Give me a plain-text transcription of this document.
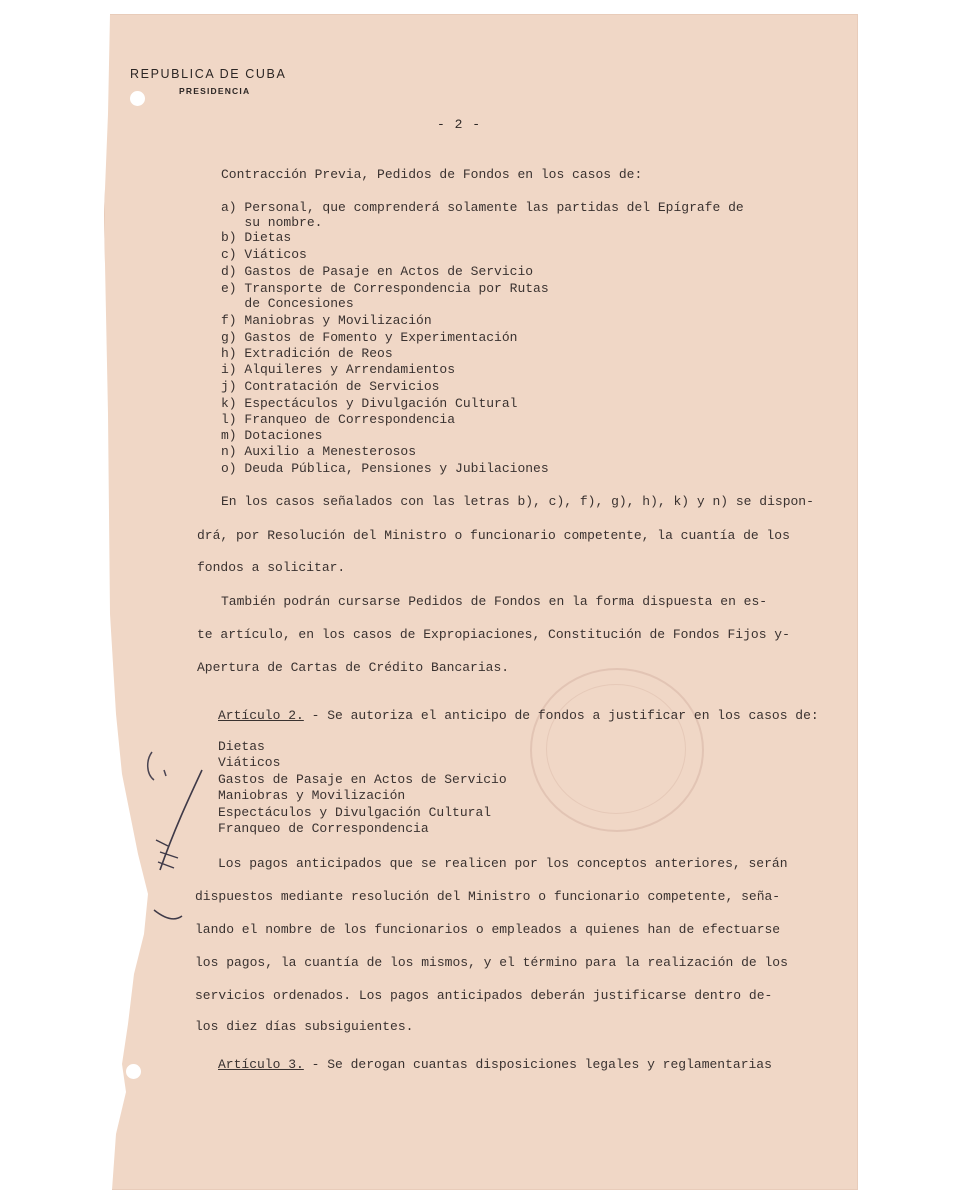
REPUBLICA DE CUBA
PRESIDENCIA
- 2 -
Contracción Previa, Pedidos de Fondos en los casos de:
a) Personal, que comprenderá solamente las partidas del Epígrafe de
su nombre.
b) Dietas
c) Viáticos
d) Gastos de Pasaje en Actos de Servicio
e) Transporte de Correspondencia por Rutas
de Concesiones
f) Maniobras y Movilización
g) Gastos de Fomento y Experimentación
h) Extradición de Reos
i) Alquileres y Arrendamientos
j) Contratación de Servicios
k) Espectáculos y Divulgación Cultural
l) Franqueo de Correspondencia
m) Dotaciones
n) Auxilio a Menesterosos
o) Deuda Pública, Pensiones y Jubilaciones
En los casos señalados con las letras b), c), f), g), h), k) y n) se dispon-
drá, por Resolución del Ministro o funcionario competente, la cuantía de los
fondos a solicitar.
También podrán cursarse Pedidos de Fondos en la forma dispuesta en es-
te artículo, en los casos de Expropiaciones, Constitución de Fondos Fijos y-
Apertura de Cartas de Crédito Bancarias.
Artículo 2. - Se autoriza el anticipo de fondos a justificar en los casos de:
Dietas
Viáticos
Gastos de Pasaje en Actos de Servicio
Maniobras y Movilización
Espectáculos y Divulgación Cultural
Franqueo de Correspondencia
Los pagos anticipados que se realicen por los conceptos anteriores, serán
dispuestos mediante resolución del Ministro o funcionario competente, seña-
lando el nombre de los funcionarios o empleados a quienes han de efectuarse
los pagos, la cuantía de los mismos, y el término para la realización de los
servicios ordenados. Los pagos anticipados deberán justificarse dentro de-
los diez días subsiguientes.
Artículo 3. - Se derogan cuantas disposiciones legales y reglamentarias
